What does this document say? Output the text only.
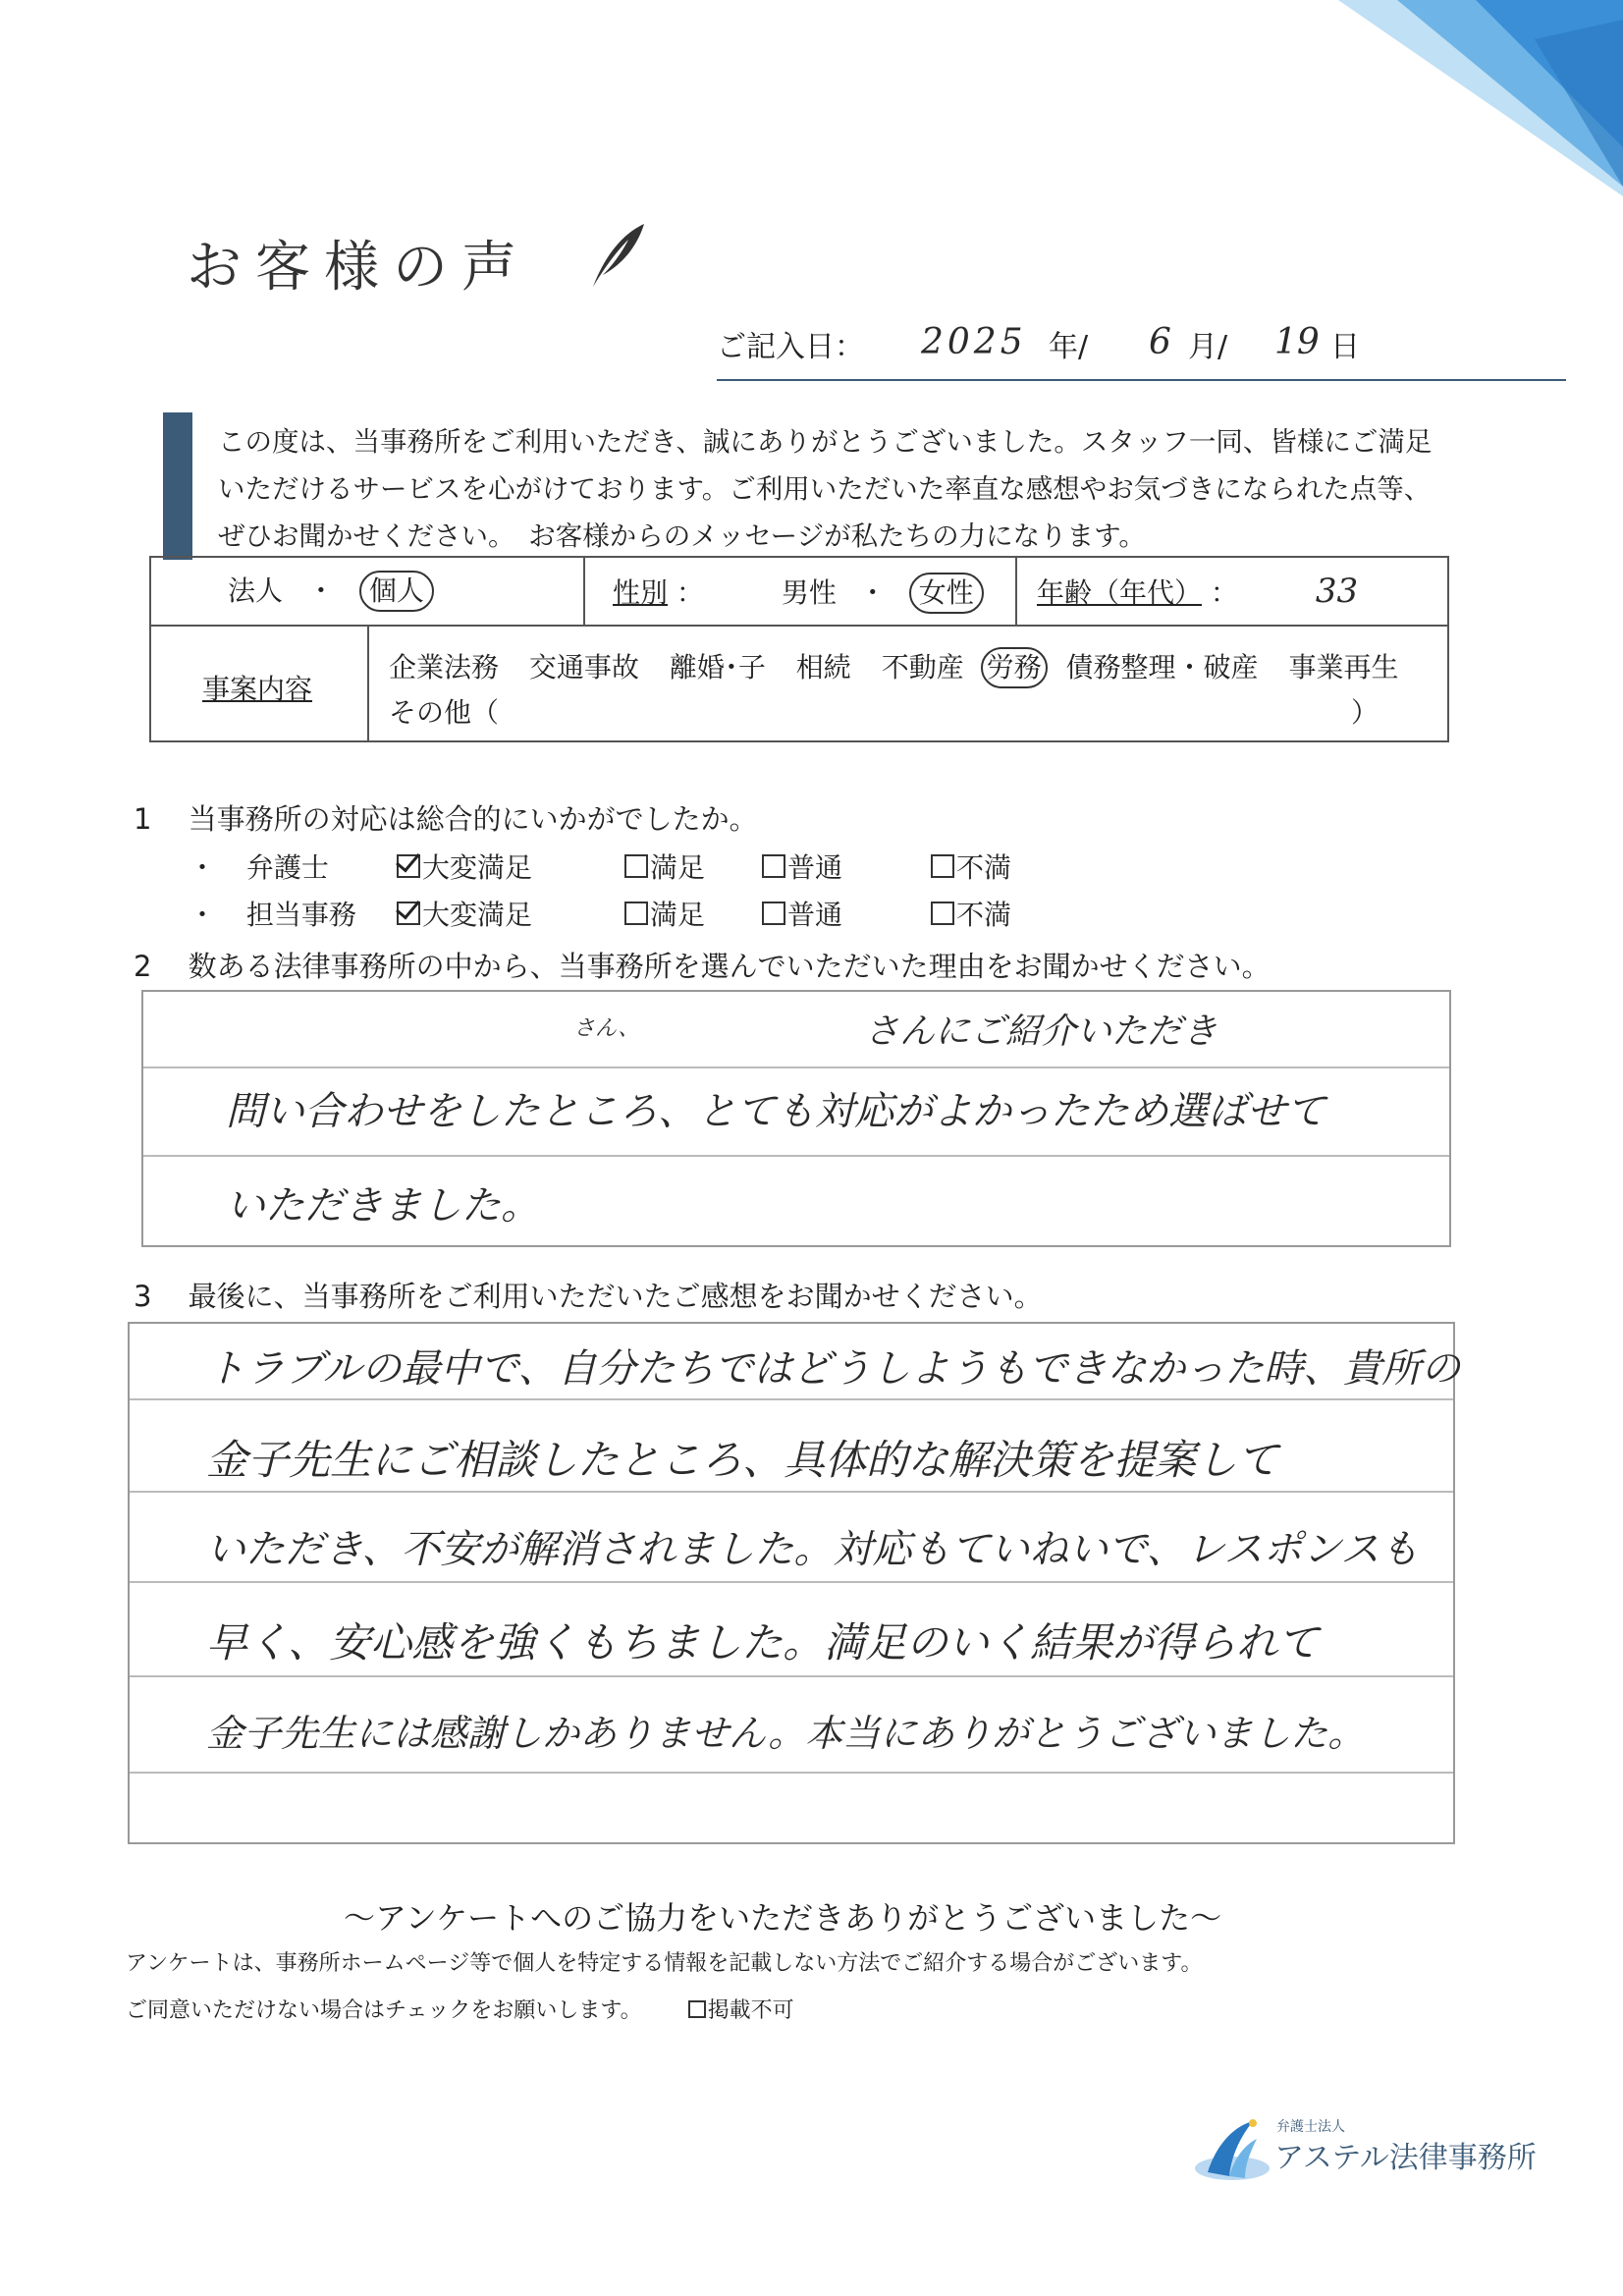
お客様の声
ご記入日： 2025 年/ 6 月/ 19 日
この度は、当事務所をご利用いただき、誠にありがとうございました。スタッフ一同、皆様にご満足
いただけるサービスを心がけております。ご利用いただいた率直な感想やお気づきになられた点等、
ぜひお聞かせください。　お客様からのメッセージが私たちの力になります。
法人 ・ 個人	性別 ：	男性 ・ 女性	年齢（年代） ： 33
事案内容
企業法務 交通事故 離婚･子 相続 不動産 労務 債務整理・破産 事業再生
その他（	）
1 当事務所の対応は総合的にいかがでしたか。
・ 弁護士	大変満足	満足	普通	不満
・ 担当事務	大変満足	満足	普通	不満
2 数ある法律事務所の中から、当事務所を選んでいただいた理由をお聞かせください。
さん、	さんにご紹介いただき
問い合わせをしたところ、とても対応がよかったため選ばせて
いただきました。
3 最後に、当事務所をご利用いただいたご感想をお聞かせください。
トラブルの最中で、自分たちではどうしようもできなかった時、貴所の
金子先生にご相談したところ、具体的な解決策を提案して
いただき、不安が解消されました。対応もていねいで、レスポンスも
早く、安心感を強くもちました。満足のいく結果が得られて
金子先生には感謝しかありません。本当にありがとうございました。
～アンケートへのご協力をいただきありがとうございました～
アンケートは、事務所ホームページ等で個人を特定する情報を記載しない方法でご紹介する場合がございます。
ご同意いただけない場合はチェックをお願いします。	掲載不可
弁護士法人
アステル法律事務所
